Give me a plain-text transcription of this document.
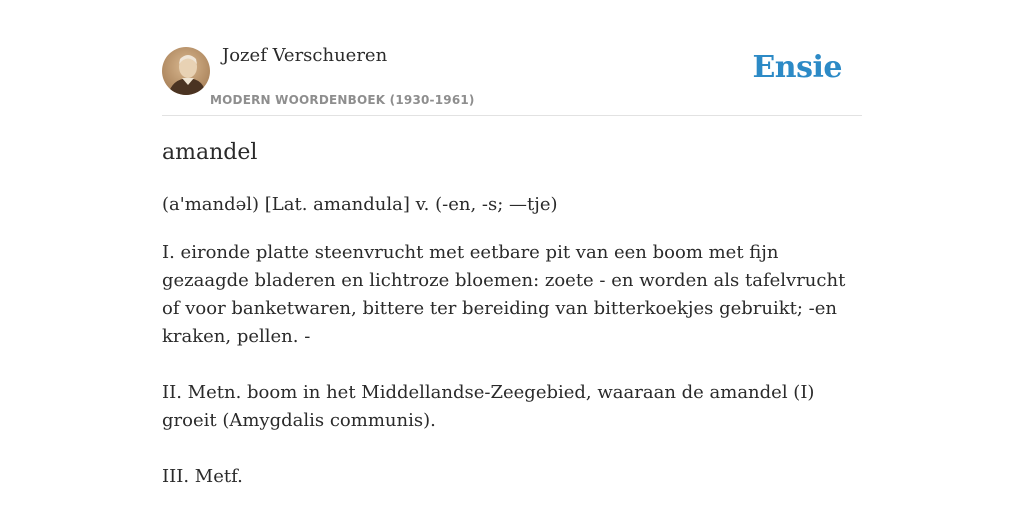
Jozef Verschueren
MODERN WOORDENBOEK (1930-1961)
Ensie
amandel
(a'mandəl) [Lat. amandula] v. (-en, -s; —tje)

I. eironde platte steenvrucht met eetbare pit van een boom met fijn gezaagde bladeren en lichtroze bloemen: zoete - en worden als tafelvrucht of voor banketwaren, bittere ter bereiding van bitterkoekjes gebruikt; -en kraken, pellen. -

II. Metn. boom in het Middellandse-Zeegebied, waaraan de amandel (I) groeit (Amygdalis communis).

III. Metf.
